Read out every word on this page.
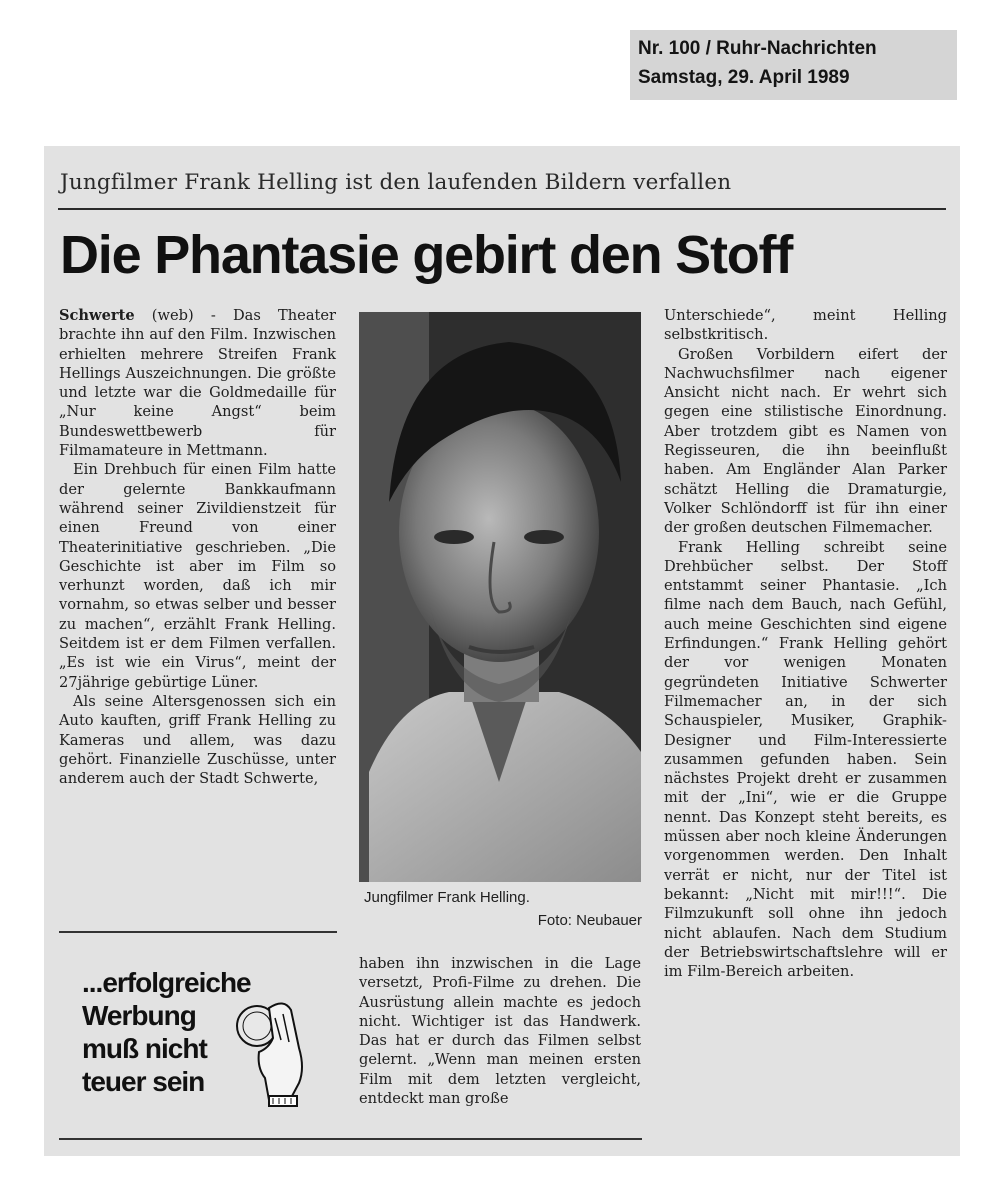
Nr. 100 / Ruhr-Nachrichten
Samstag, 29. April 1989
Jungfilmer Frank Helling ist den laufenden Bildern verfallen
Die Phantasie gebirt den Stoff

Schwerte (web) - Das Theater brachte ihn auf den Film. Inzwischen erhielten mehrere Streifen Frank Hellings Auszeichnungen. Die größte und letzte war die Goldmedaille für „Nur keine Angst“ beim Bundeswettbewerb für Filmamateure in Mettmann.

Ein Drehbuch für einen Film hatte der gelernte Bankkaufmann während seiner Zivildienstzeit für einen Freund von einer Theaterinitiative geschrieben. „Die Geschichte ist aber im Film so verhunzt worden, daß ich mir vornahm, so etwas selber und besser zu machen“, erzählt Frank Helling. Seitdem ist er dem Filmen verfallen. „Es ist wie ein Virus“, meint der 27jährige gebürtige Lüner.

Als seine Altersgenossen sich ein Auto kauften, griff Frank Helling zu Kameras und allem, was dazu gehört. Finanzielle Zuschüsse, unter anderem auch der Stadt Schwerte,

Jungfilmer Frank Helling.
Foto: Neubauer

haben ihn inzwischen in die Lage versetzt, Profi-Filme zu drehen. Die Ausrüstung allein machte es jedoch nicht. Wichtiger ist das Handwerk. Das hat er durch das Filmen selbst gelernt. „Wenn man meinen ersten Film mit dem letzten vergleicht, entdeckt man große

Unterschiede“, meint Helling selbstkritisch.

Großen Vorbildern eifert der Nachwuchsfilmer nach eigener Ansicht nicht nach. Er wehrt sich gegen eine stilistische Einordnung. Aber trotzdem gibt es Namen von Regisseuren, die ihn beeinflußt haben. Am Engländer Alan Parker schätzt Helling die Dramaturgie, Volker Schlöndorff ist für ihn einer der großen deutschen Filmemacher.

Frank Helling schreibt seine Drehbücher selbst. Der Stoff entstammt seiner Phantasie. „Ich filme nach dem Bauch, nach Gefühl, auch meine Geschichten sind eigene Erfindungen.“ Frank Helling gehört der vor wenigen Monaten gegründeten Initiative Schwerter Filmemacher an, in der sich Schauspieler, Musiker, Graphik-Designer und Film-Interessierte zusammen gefunden haben. Sein nächstes Projekt dreht er zusammen mit der „Ini“, wie er die Gruppe nennt. Das Konzept steht bereits, es müssen aber noch kleine Änderungen vorgenommen werden. Den Inhalt verrät er nicht, nur der Titel ist bekannt: „Nicht mit mir!!!“. Die Filmzukunft soll ohne ihn jedoch nicht ablaufen. Nach dem Studium der Betriebswirtschaftslehre will er im Film-Bereich arbeiten.

...erfolgreiche
Werbung
muß nicht
teuer sein
